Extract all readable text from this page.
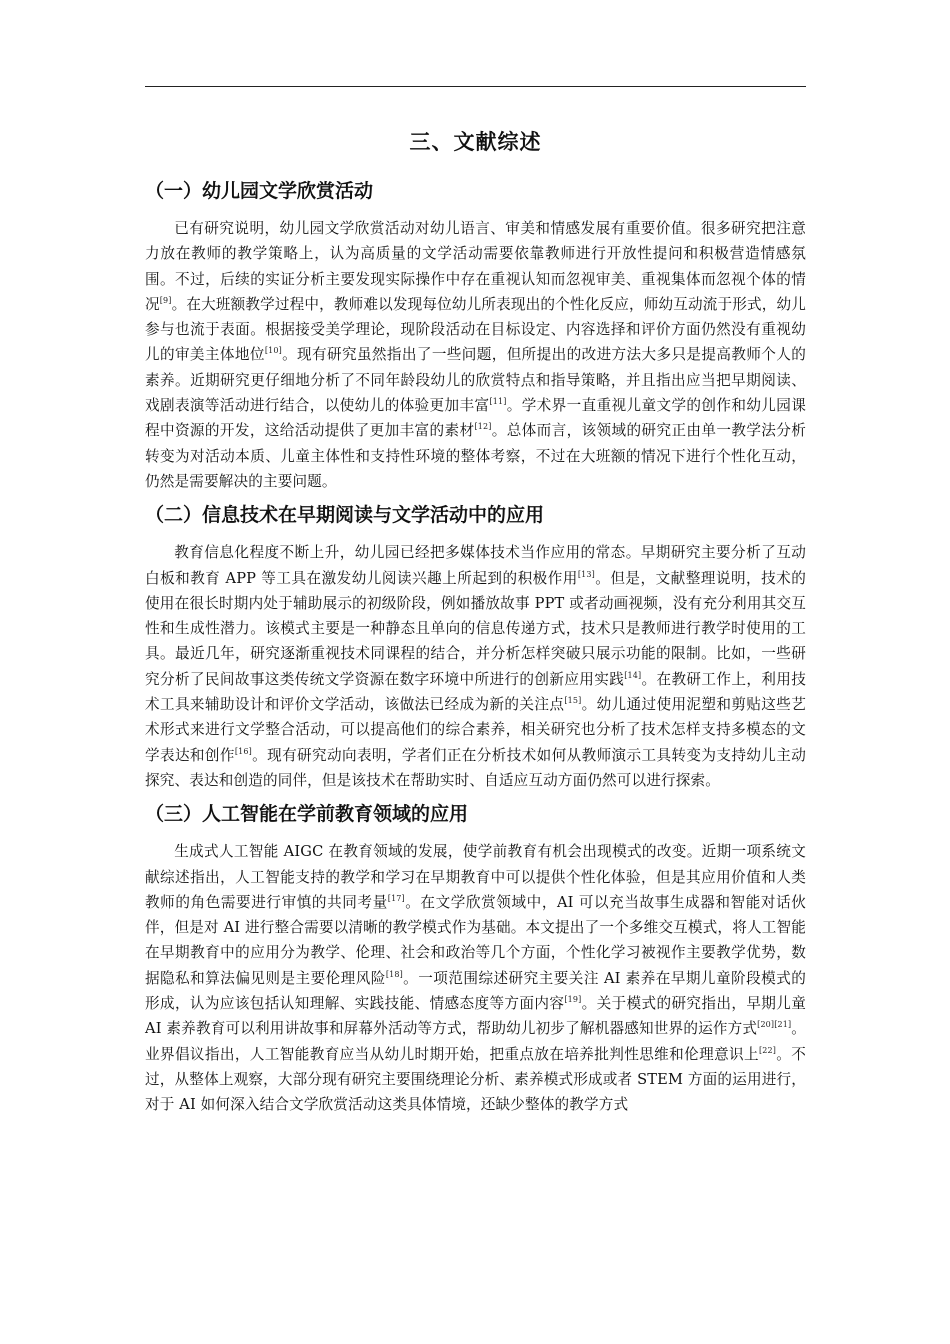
三、文献综述
（一）幼儿园文学欣赏活动

已有研究说明，幼儿园文学欣赏活动对幼儿语言、审美和情感发展有重要价值。很多研究把注意力放在教师的教学策略上，认为高质量的文学活动需要依靠教师进行开放性提问和积极营造情感氛围。不过，后续的实证分析主要发现实际操作中存在重视认知而忽视审美、重视集体而忽视个体的情况[9]。在大班额教学过程中，教师难以发现每位幼儿所表现出的个性化反应，师幼互动流于形式，幼儿参与也流于表面。根据接受美学理论，现阶段活动在目标设定、内容选择和评价方面仍然没有重视幼儿的审美主体地位[10]。现有研究虽然指出了一些问题，但所提出的改进方法大多只是提高教师个人的素养。近期研究更仔细地分析了不同年龄段幼儿的欣赏特点和指导策略，并且指出应当把早期阅读、戏剧表演等活动进行结合，以使幼儿的体验更加丰富[11]。学术界一直重视儿童文学的创作和幼儿园课程中资源的开发，这给活动提供了更加丰富的素材[12]。总体而言，该领域的研究正由单一教学法分析转变为对活动本质、儿童主体性和支持性环境的整体考察，不过在大班额的情况下进行个性化互动，仍然是需要解决的主要问题。

（二）信息技术在早期阅读与文学活动中的应用

教育信息化程度不断上升，幼儿园已经把多媒体技术当作应用的常态。早期研究主要分析了互动白板和教育 APP 等工具在激发幼儿阅读兴趣上所起到的积极作用[13]。但是，文献整理说明，技术的使用在很长时期内处于辅助展示的初级阶段，例如播放故事 PPT 或者动画视频，没有充分利用其交互性和生成性潜力。该模式主要是一种静态且单向的信息传递方式，技术只是教师进行教学时使用的工具。最近几年，研究逐渐重视技术同课程的结合，并分析怎样突破只展示功能的限制。比如，一些研究分析了民间故事这类传统文学资源在数字环境中所进行的创新应用实践[14]。在教研工作上，利用技术工具来辅助设计和评价文学活动，该做法已经成为新的关注点[15]。幼儿通过使用泥塑和剪贴这些艺术形式来进行文学整合活动，可以提高他们的综合素养，相关研究也分析了技术怎样支持多模态的文学表达和创作[16]。现有研究动向表明，学者们正在分析技术如何从教师演示工具转变为支持幼儿主动探究、表达和创造的同伴，但是该技术在帮助实时、自适应互动方面仍然可以进行探索。

（三）人工智能在学前教育领域的应用

生成式人工智能 AIGC 在教育领域的发展，使学前教育有机会出现模式的改变。近期一项系统文献综述指出，人工智能支持的教学和学习在早期教育中可以提供个性化体验，但是其应用价值和人类教师的角色需要进行审慎的共同考量[17]。在文学欣赏领域中，AI 可以充当故事生成器和智能对话伙伴，但是对 AI 进行整合需要以清晰的教学模式作为基础。本文提出了一个多维交互模式，将人工智能在早期教育中的应用分为教学、伦理、社会和政治等几个方面，个性化学习被视作主要教学优势，数据隐私和算法偏见则是主要伦理风险[18]。一项范围综述研究主要关注 AI 素养在早期儿童阶段模式的形成，认为应该包括认知理解、实践技能、情感态度等方面内容[19]。关于模式的研究指出，早期儿童 AI 素养教育可以利用讲故事和屏幕外活动等方式，帮助幼儿初步了解机器感知世界的运作方式[20][21]。业界倡议指出，人工智能教育应当从幼儿时期开始，把重点放在培养批判性思维和伦理意识上[22]。不过，从整体上观察，大部分现有研究主要围绕理论分析、素养模式形成或者 STEM 方面的运用进行，对于 AI 如何深入结合文学欣赏活动这类具体情境，还缺少整体的教学方式
